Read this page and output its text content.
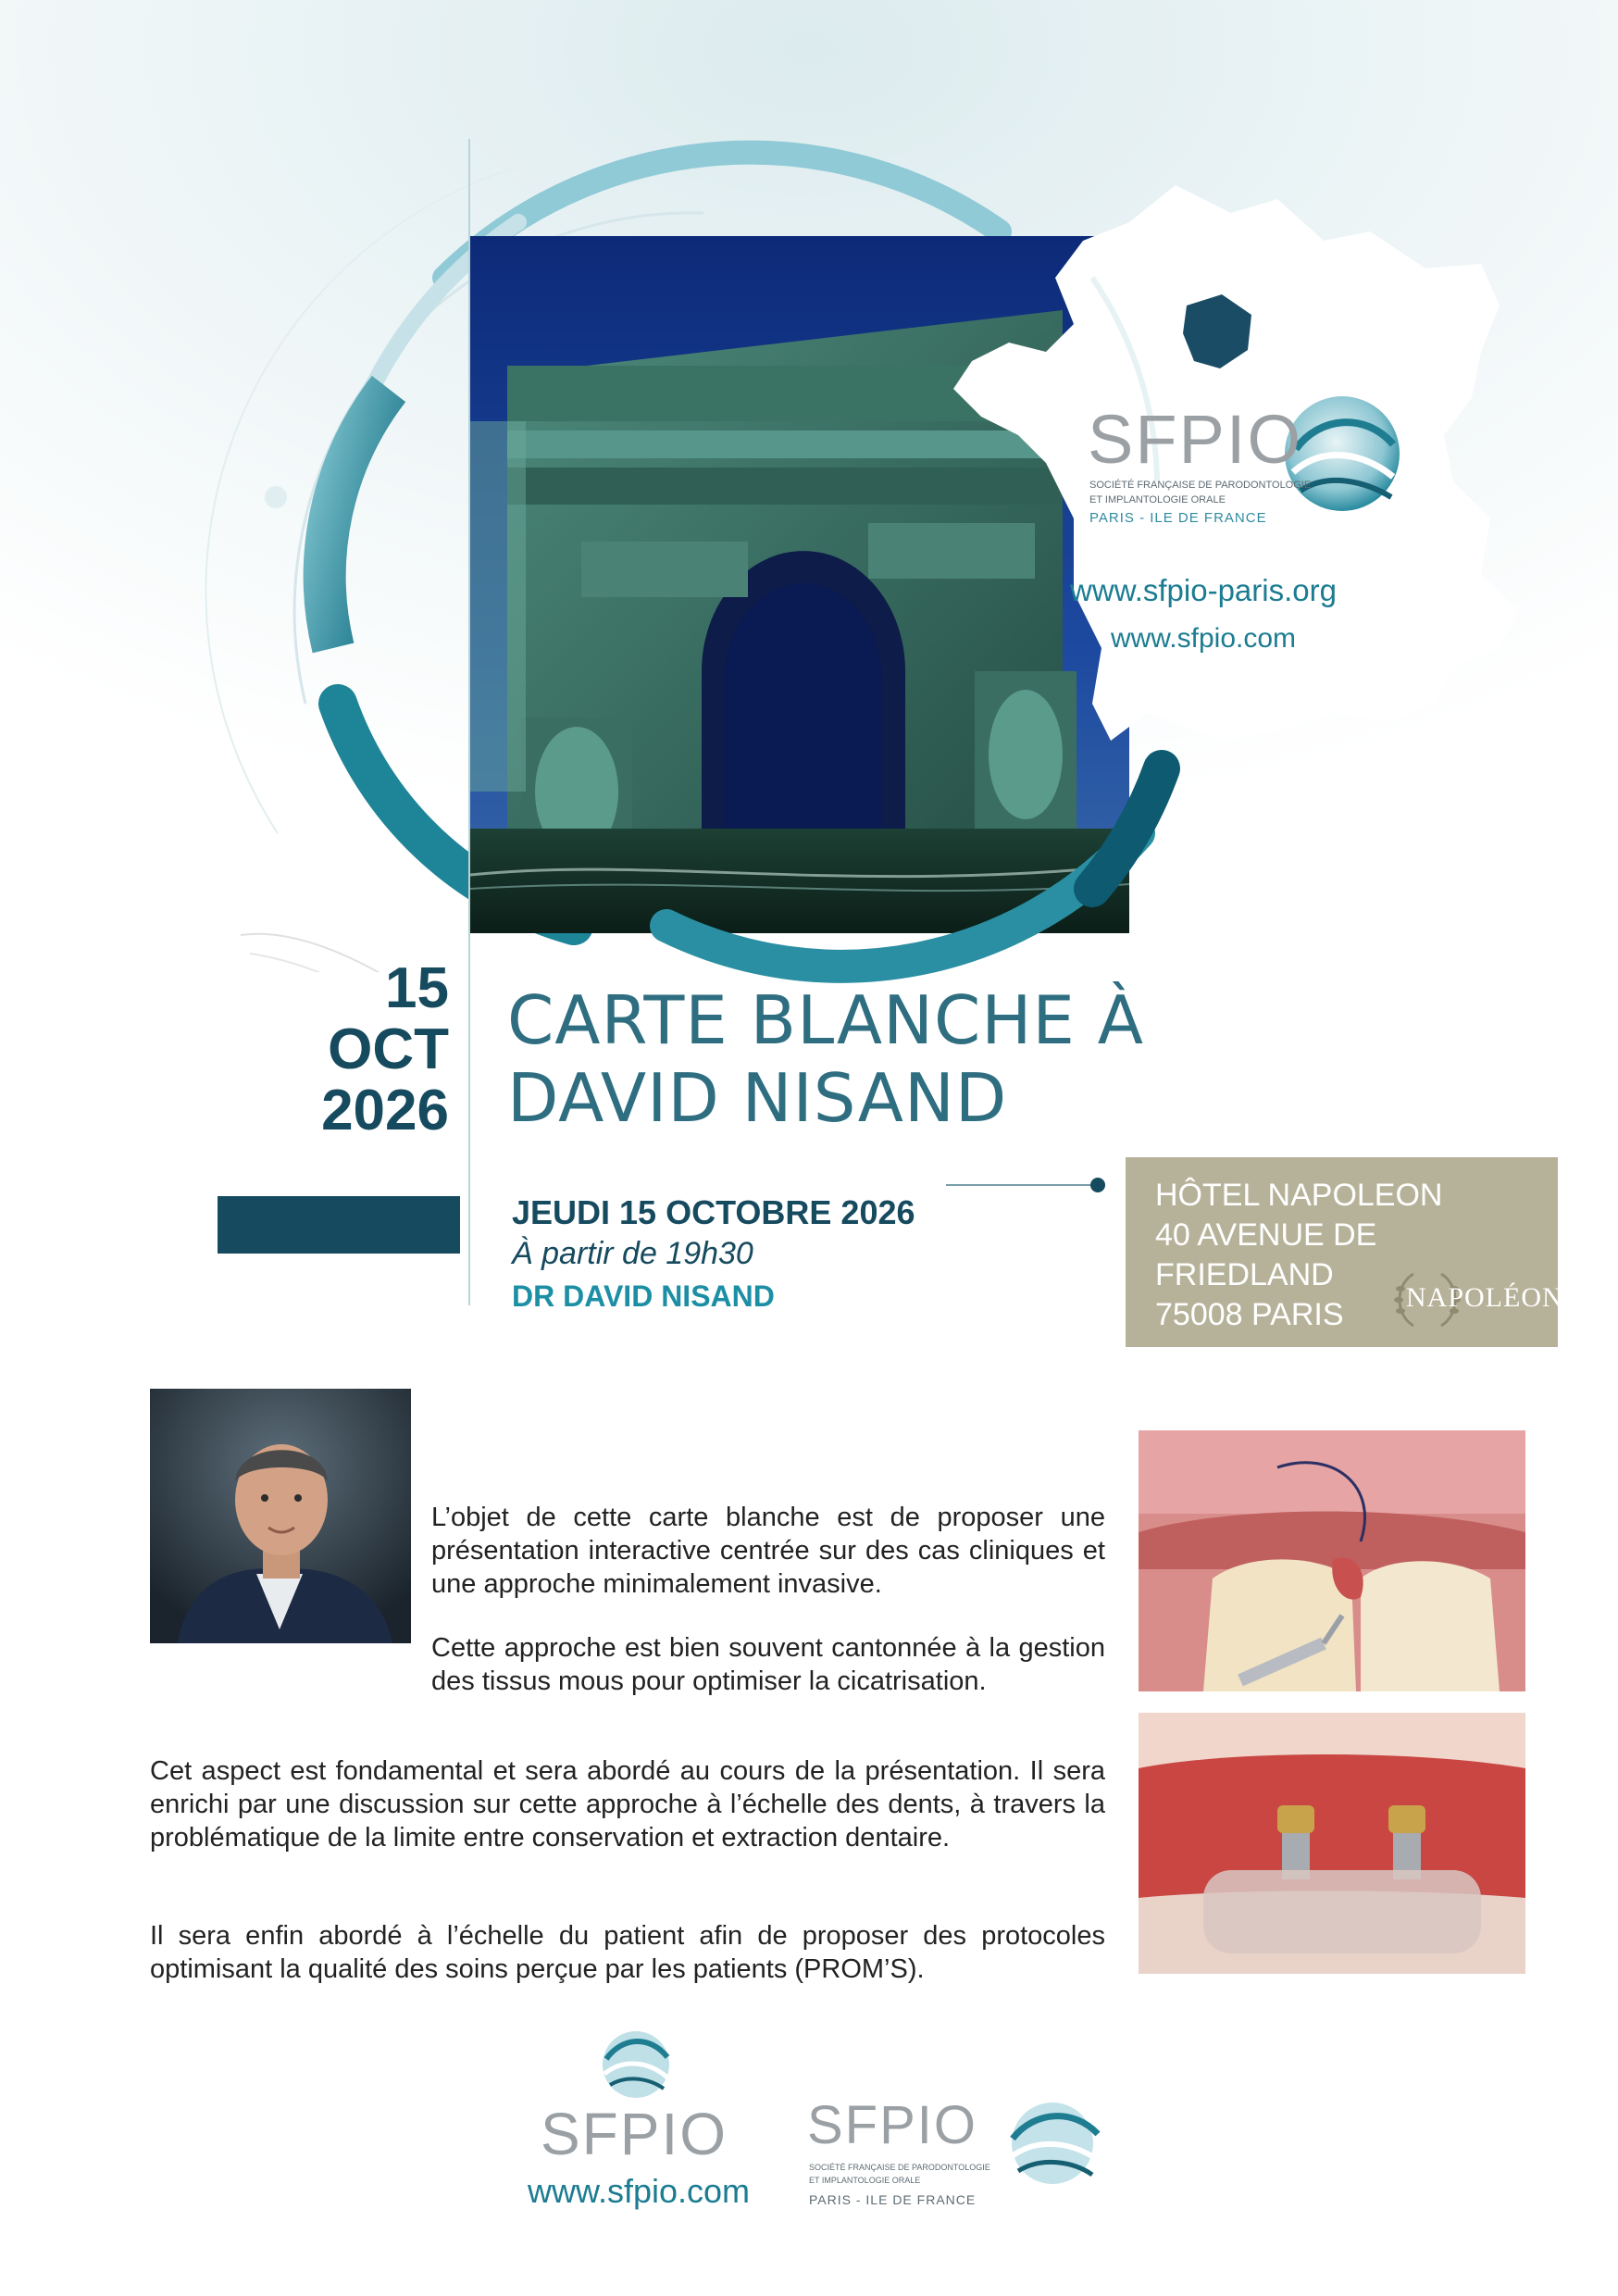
SFPIO
SOCIÉTÉ FRANÇAISE DE PARODONTOLOGIE
ET IMPLANTOLOGIE ORALE
PARIS - ILE DE FRANCE
www.sfpio-paris.org
www.sfpio.com
15
OCT
2026
CARTE BLANCHE À
DAVID NISAND

JEUDI 15 OCTOBRE 2026

À partir de 19h30

DR DAVID NISAND

HÔTEL NAPOLEON

40 AVENUE DE FRIEDLAND

75008 PARIS	NAPOLÉON

L’objet de cette carte blanche est de proposer une présentation interactive centrée sur des cas cliniques et une approche minimalement invasive.

Cette approche est bien souvent cantonnée à la gestion des tissus mous pour optimiser la cicatrisation.

Cet aspect est fondamental et sera abordé au cours de la présentation. Il sera enrichi par une discussion sur cette approche à l’échelle des dents, à travers la problématique de la limite entre conservation et extraction dentaire.

Il sera enfin abordé à l’échelle du patient afin de proposer des protocoles optimisant la qualité des soins perçue par les patients (PROM’S).

SFPIO
www.sfpio.com
SFPIO
SOCIÉTÉ FRANÇAISE DE PARODONTOLOGIE
ET IMPLANTOLOGIE ORALE
PARIS - ILE DE FRANCE
